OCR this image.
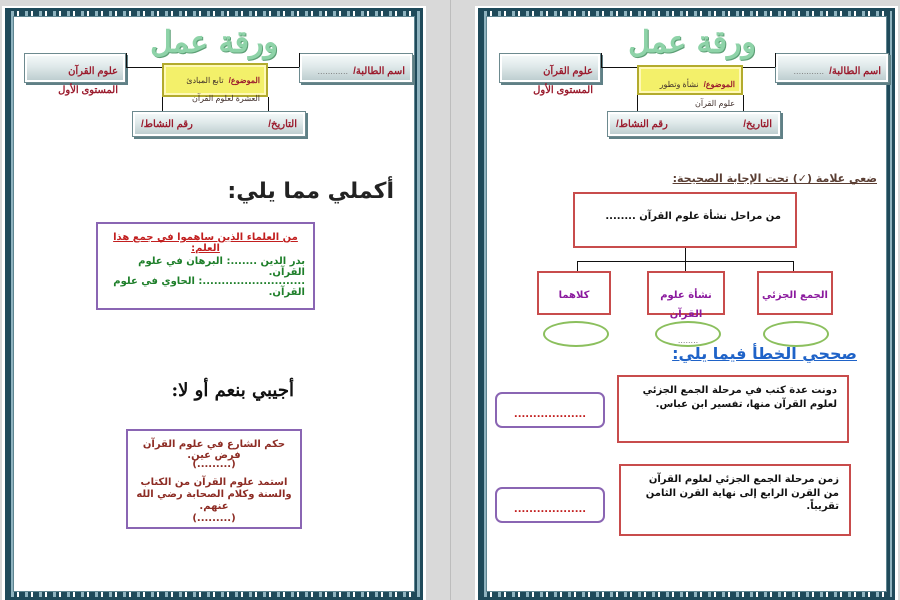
ورقة عمل
علوم القرآن المستوى الأول
اسم الطالبة/ ............
الموضوع/ تابع المبادئ العشرة لعلوم القرآن
التاريخ/
رقم النشاط/
أكملي مما يلي:
من العلماء الذين ساهموا في جمع هذا العلم:
بدر الدين .......: البرهان في علوم القرآن.
...........................: الحاوي في علوم القرآن.
أجيبي بنعم أو لا:
حكم الشارع في علوم القرآن فرض عين.
(.........)
استمد علوم القرآن من الكتاب والسنة وكلام الصحابة رضي الله عنهم.
(.........)
ورقة عمل
علوم القرآن المستوى الأول
اسم الطالبة/ ............
الموضوع/ نشأة وتطور علوم القرآن
التاريخ/
رقم النشاط/
ضعي علامة (✓) تحت الإجابة الصحيحة:
من مراحل نشأة علوم القرآن ........
الجمع الجزئي
نشأة علوم القرآن
كلاهما
........
صححي الخطأ فيما يلي:
دونت عدة كتب في مرحلة الجمع الجزئي لعلوم القرآن منها، تفسير ابن عباس.
...................
زمن مرحلة الجمع الجزئي لعلوم القرآن من القرن الرابع إلى نهاية القرن الثامن تقريباً.
...................
